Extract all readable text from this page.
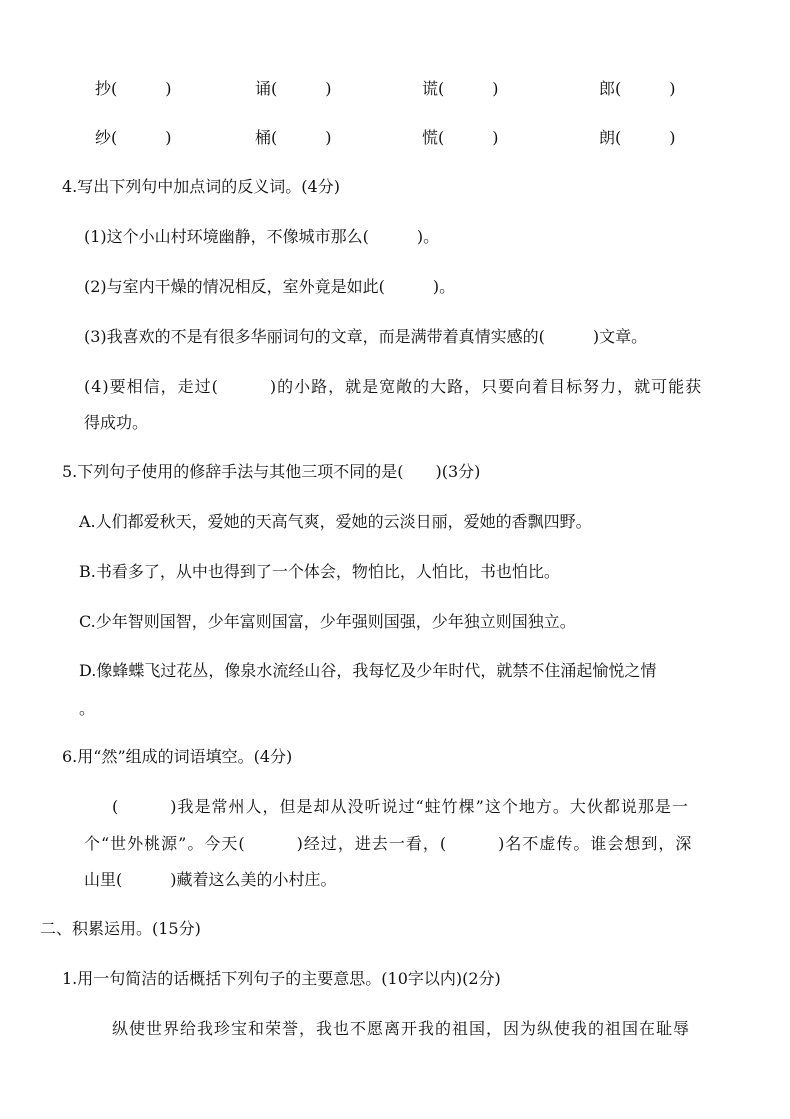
抄(　　　)	诵(　　　)	谎(　　　)	郎(　　　)
纱(　　　)	桶(　　　)	慌(　　　)	朗(　　　)
4.写出下列句中加点词的反义词。(4分)
(1)这个小山村环境幽静，不像城市那么(　　　)。
(2)与室内干燥的情况相反，室外竟是如此(　　　)。
(3)我喜欢的不是有很多华丽词句的文章，而是满带着真情实感的(　　　)文章。
(4)要相信，走过(　　　)的小路，就是宽敞的大路，只要向着目标努力，就可能获
得成功。
5.下列句子使用的修辞手法与其他三项不同的是(　　)(3分)
A.人们都爱秋天，爱她的天高气爽，爱她的云淡日丽，爱她的香飘四野。
B.书看多了，从中也得到了一个体会，物怕比，人怕比，书也怕比。
C.少年智则国智，少年富则国富，少年强则国强，少年独立则国独立。
D.像蜂蝶飞过花丛，像泉水流经山谷，我每忆及少年时代，就禁不住涌起愉悦之情
。
6.用“然”组成的词语填空。(4分)
(　　　)我是常州人，但是却从没听说过“蛀竹棵”这个地方。大伙都说那是一
个“世外桃源”。今天(　　　)经过，进去一看，(　　　)名不虚传。谁会想到，深
山里(　　　)藏着这么美的小村庄。
二、积累运用。(15分)
1.用一句简洁的话概括下列句子的主要意思。(10字以内)(2分)
纵使世界给我珍宝和荣誉，我也不愿离开我的祖国，因为纵使我的祖国在耻辱
